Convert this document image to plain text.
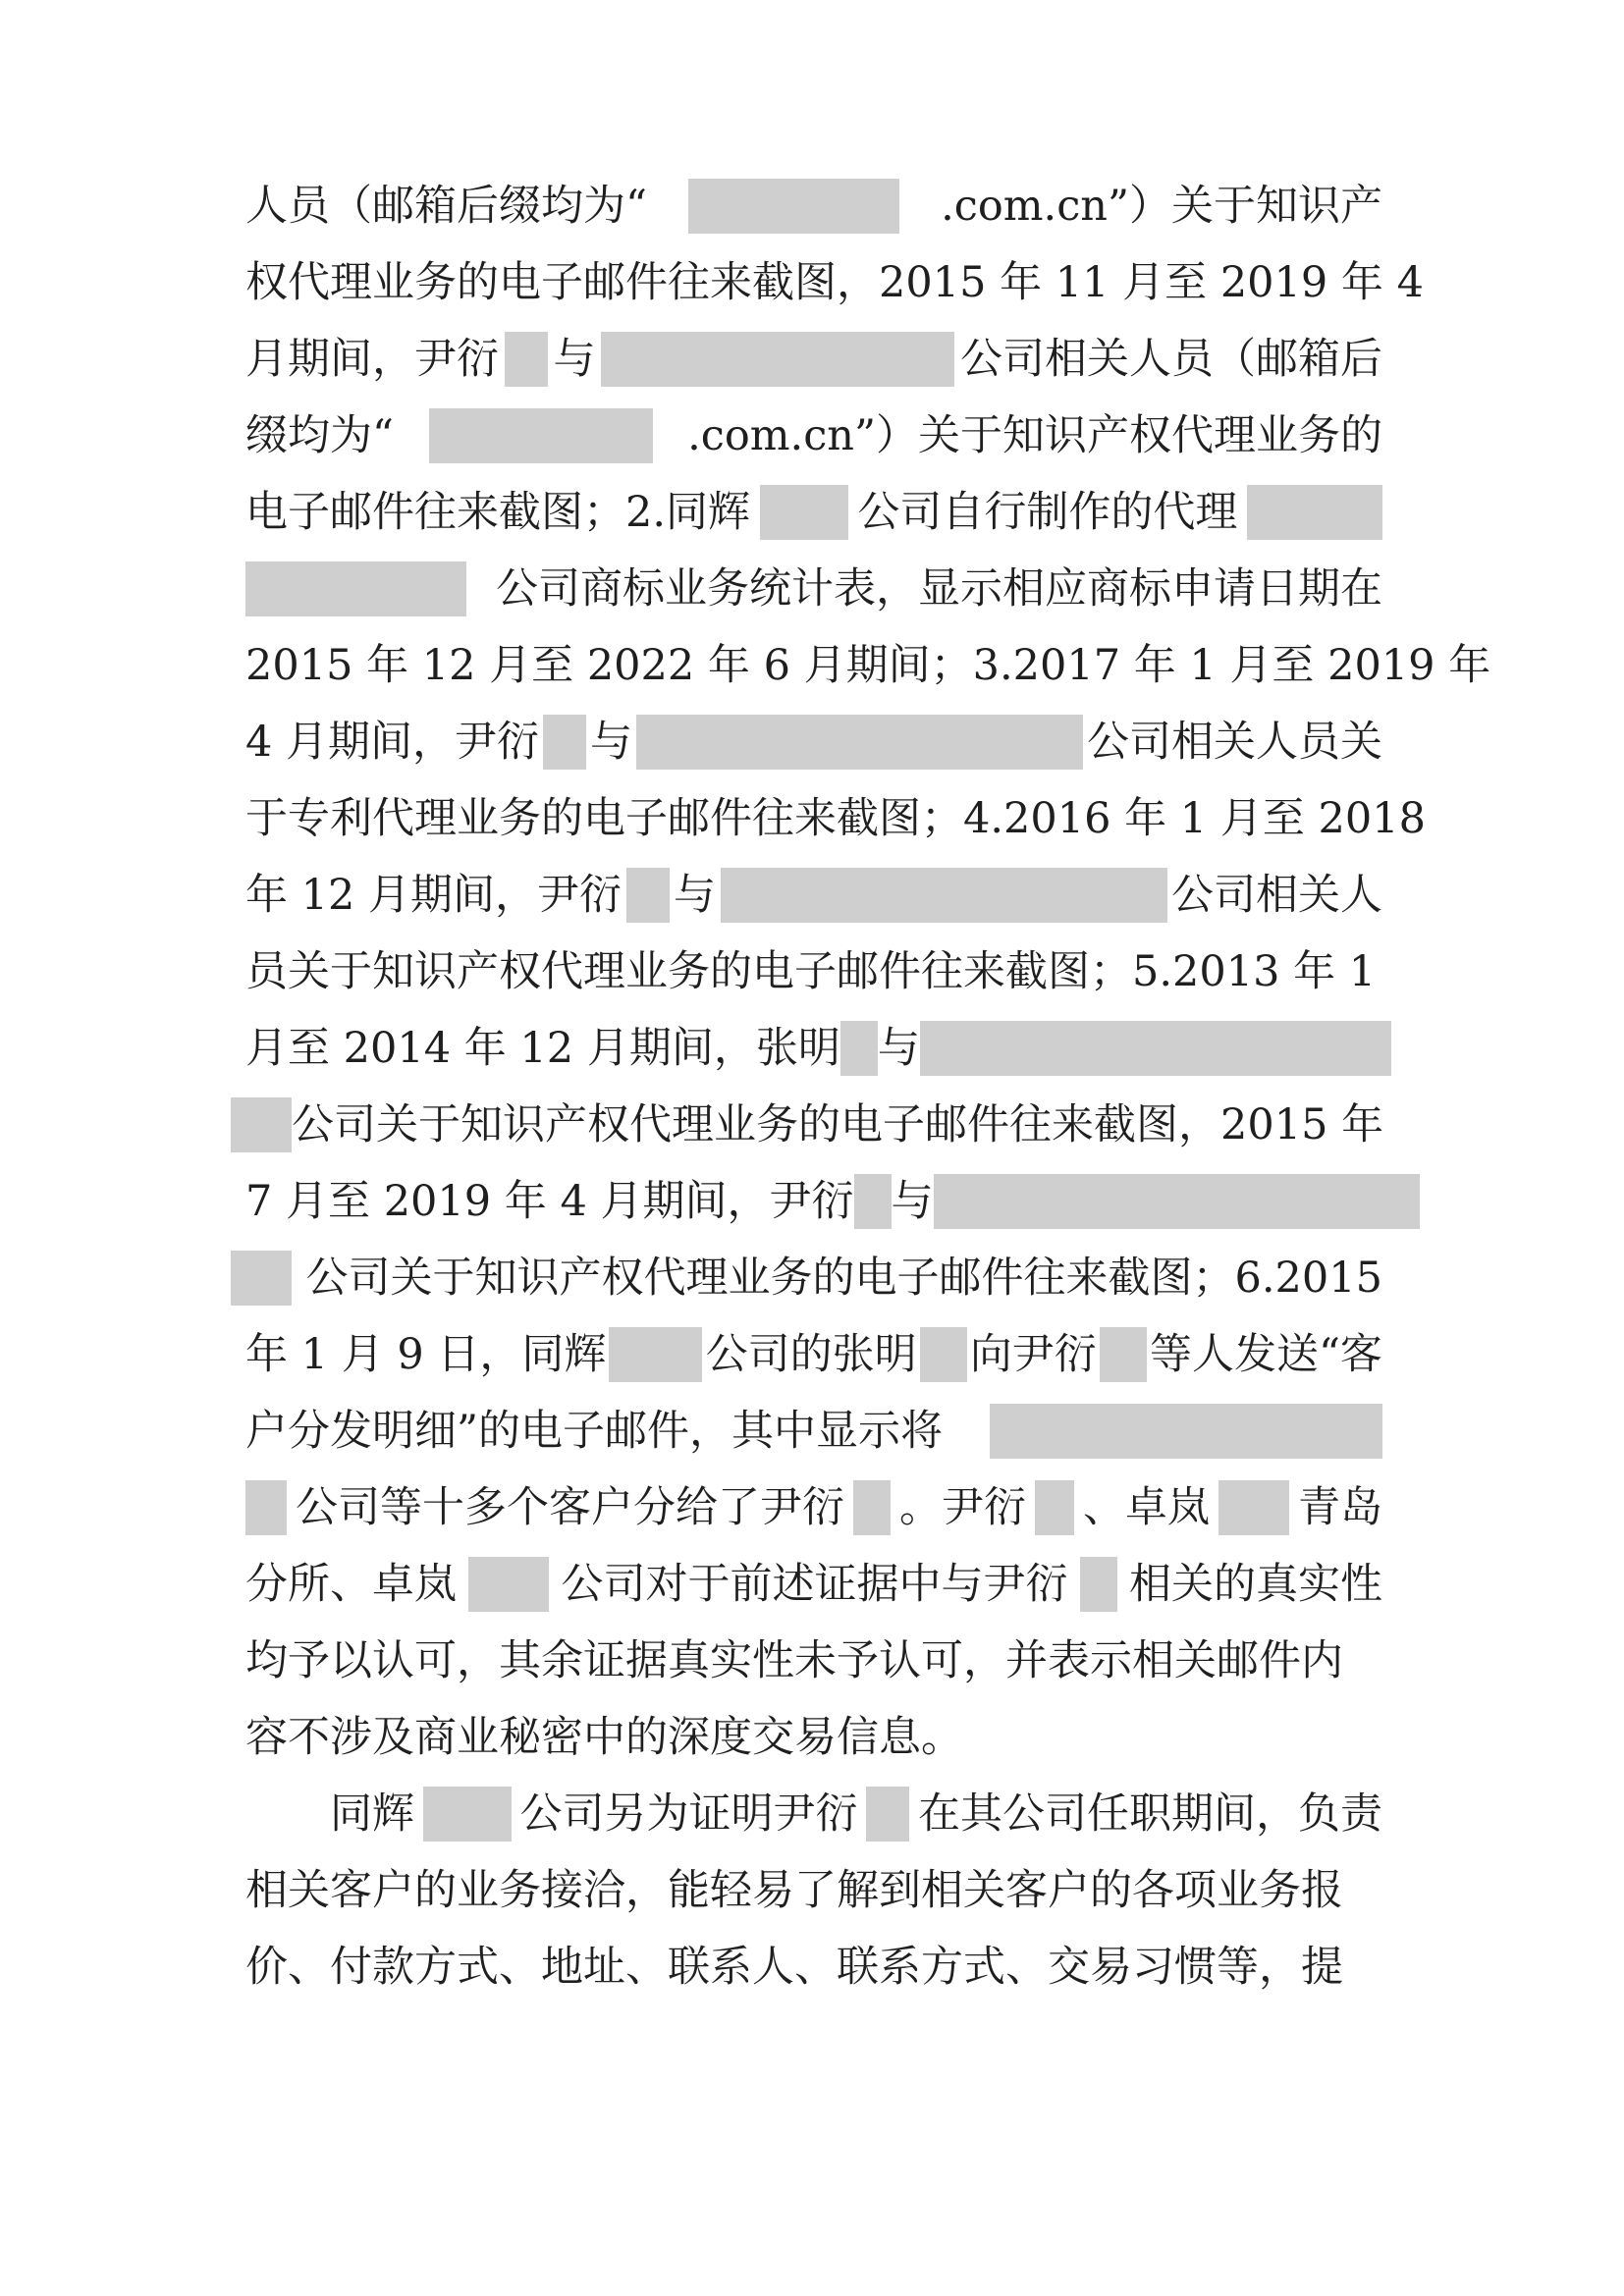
人员（邮箱后缀均为“	.com.cn”）关于知识产
权代理业务的电子邮件往来截图，2015 年 11 月至 2019 年 4
月期间，尹衍 与	公司相关人员（邮箱后
缀均为“	.com.cn”）关于知识产权代理业务的
电子邮件往来截图；2.同辉	公司自行制作的代理
公司商标业务统计表，显示相应商标申请日期在
2015 年 12 月至 2022 年 6 月期间；3.2017 年 1 月至 2019 年
4 月期间，尹衍 与	公司相关人员关
于专利代理业务的电子邮件往来截图；4.2016 年 1 月至 2018
年 12 月期间，尹衍 与	公司相关人
员关于知识产权代理业务的电子邮件往来截图；5.2013 年 1
月至 2014 年 12 月期间，张明 与
公司关于知识产权代理业务的电子邮件往来截图，2015 年
7 月至 2019 年 4 月期间，尹衍 与
公司关于知识产权代理业务的电子邮件往来截图；6.2015
年 1 月 9 日，同辉 公司的张明 向尹衍 等人发送“客
户分发明细”的电子邮件，其中显示将
公司等十多个客户分给了尹衍 。尹衍 、卓岚 青岛
分所、卓岚 公司对于前述证据中与尹衍 相关的真实性
均予以认可，其余证据真实性未予认可，并表示相关邮件内
容不涉及商业秘密中的深度交易信息。
同辉	公司另为证明尹衍 在其公司任职期间，负责
相关客户的业务接洽，能轻易了解到相关客户的各项业务报
价、付款方式、地址、联系人、联系方式、交易习惯等，提
